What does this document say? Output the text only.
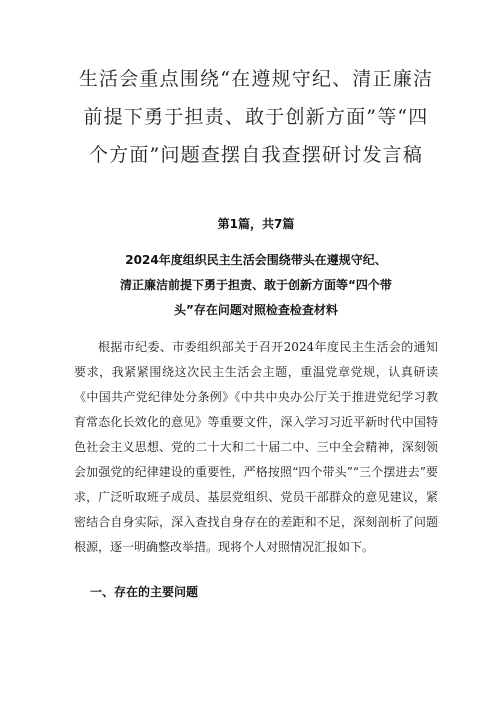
生活会重点围绕“在遵规守纪、清正廉洁前提下勇于担责、敢于创新方面”等“四个方面”问题查摆自我查摆研讨发言稿

第1篇，共7篇

2024年度组织民主生活会围绕带头在遵规守纪、
清正廉洁前提下勇于担责、敢于创新方面等“四个带
头”存在问题对照检查检查材料

根据市纪委、市委组织部关于召开2024年度民主生活会的通知要求，我紧紧围绕这次民主生活会主题，重温党章党规，认真研读《中国共产党纪律处分条例》《中共中央办公厅关于推进党纪学习教育常态化长效化的意见》等重要文件，深入学习习近平新时代中国特色社会主义思想、党的二十大和二十届二中、三中全会精神，深刻领会加强党的纪律建设的重要性，严格按照“四个带头”“三个摆进去”要求，广泛听取班子成员、基层党组织、党员干部群众的意见建议，紧密结合自身实际，深入查找自身存在的差距和不足，深刻剖析了问题根源，逐一明确整改举措。现将个人对照情况汇报如下。

一、存在的主要问题
